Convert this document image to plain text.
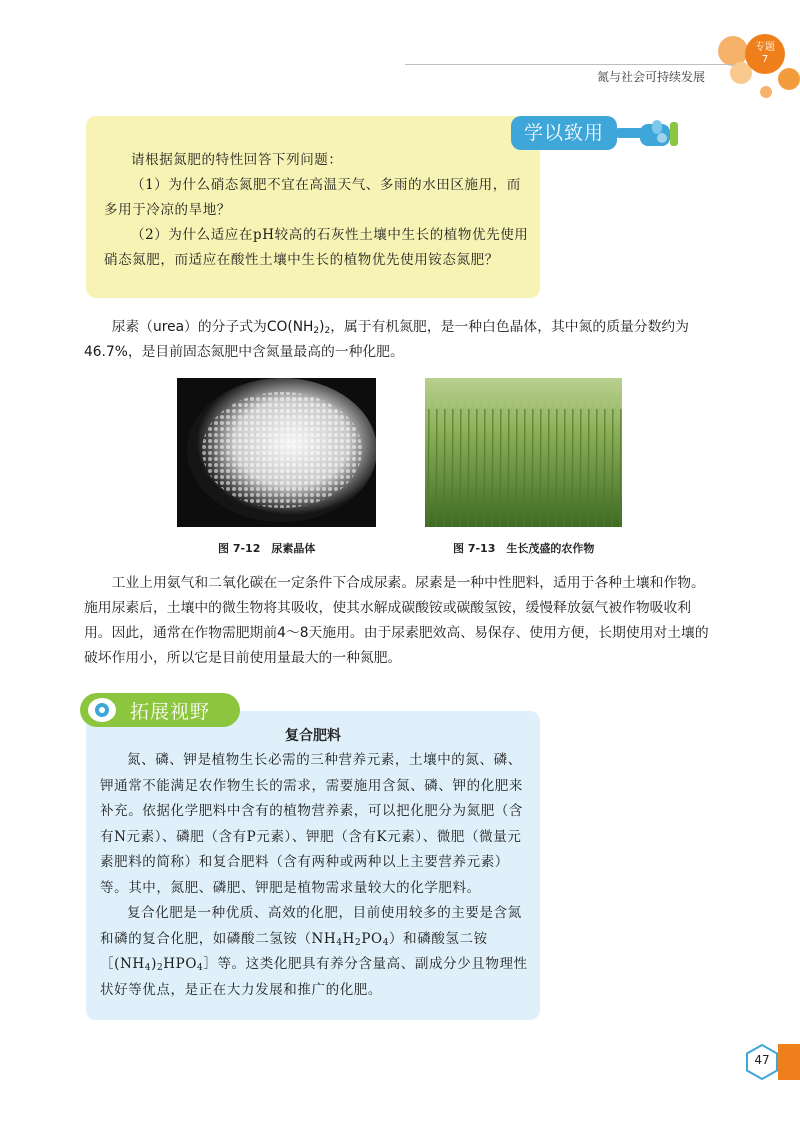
氮与社会可持续发展
专题
7
学以致用

请根据氮肥的特性回答下列问题：

（1）为什么硝态氮肥不宜在高温天气、多雨的水田区施用，而多用于冷凉的旱地？

（2）为什么适应在pH较高的石灰性土壤中生长的植物优先使用硝态氮肥，而适应在酸性土壤中生长的植物优先使用铵态氮肥？

尿素（urea）的分子式为$CO(NH_2)_2$，属于有机氮肥，是一种白色晶体，其中氮的质量分数约为46.7%，是目前固态氮肥中含氮量最高的一种化肥。

图 7-12　尿素晶体	图 7-13　生长茂盛的农作物

工业上用氨气和二氧化碳在一定条件下合成尿素。尿素是一种中性肥料，适用于各种土壤和作物。施用尿素后，土壤中的微生物将其吸收，使其水解成碳酸铵或碳酸氢铵，缓慢释放氨气被作物吸收利用。因此，通常在作物需肥期前4～8天施用。由于尿素肥效高、易保存、使用方便，长期使用对土壤的破坏作用小，所以它是目前使用量最大的一种氮肥。

拓展视野
复合肥料

氮、磷、钾是植物生长必需的三种营养元素，土壤中的氮、磷、钾通常不能满足农作物生长的需求，需要施用含氮、磷、钾的化肥来补充。依据化学肥料中含有的植物营养素，可以把化肥分为氮肥（含有N元素）、磷肥（含有P元素）、钾肥（含有K元素）、微肥（微量元素肥料的简称）和复合肥料（含有两种或两种以上主要营养元素）等。其中，氮肥、磷肥、钾肥是植物需求量较大的化学肥料。

复合化肥是一种优质、高效的化肥，目前使用较多的主要是含氮和磷的复合化肥，如磷酸二氢铵$(NH_4H_2PO_4)$和磷酸氢二铵$[(NH_4)_2HPO_4]$等。这类化肥具有养分含量高、副成分少且物理性状好等优点，是正在大力发展和推广的化肥。

47
